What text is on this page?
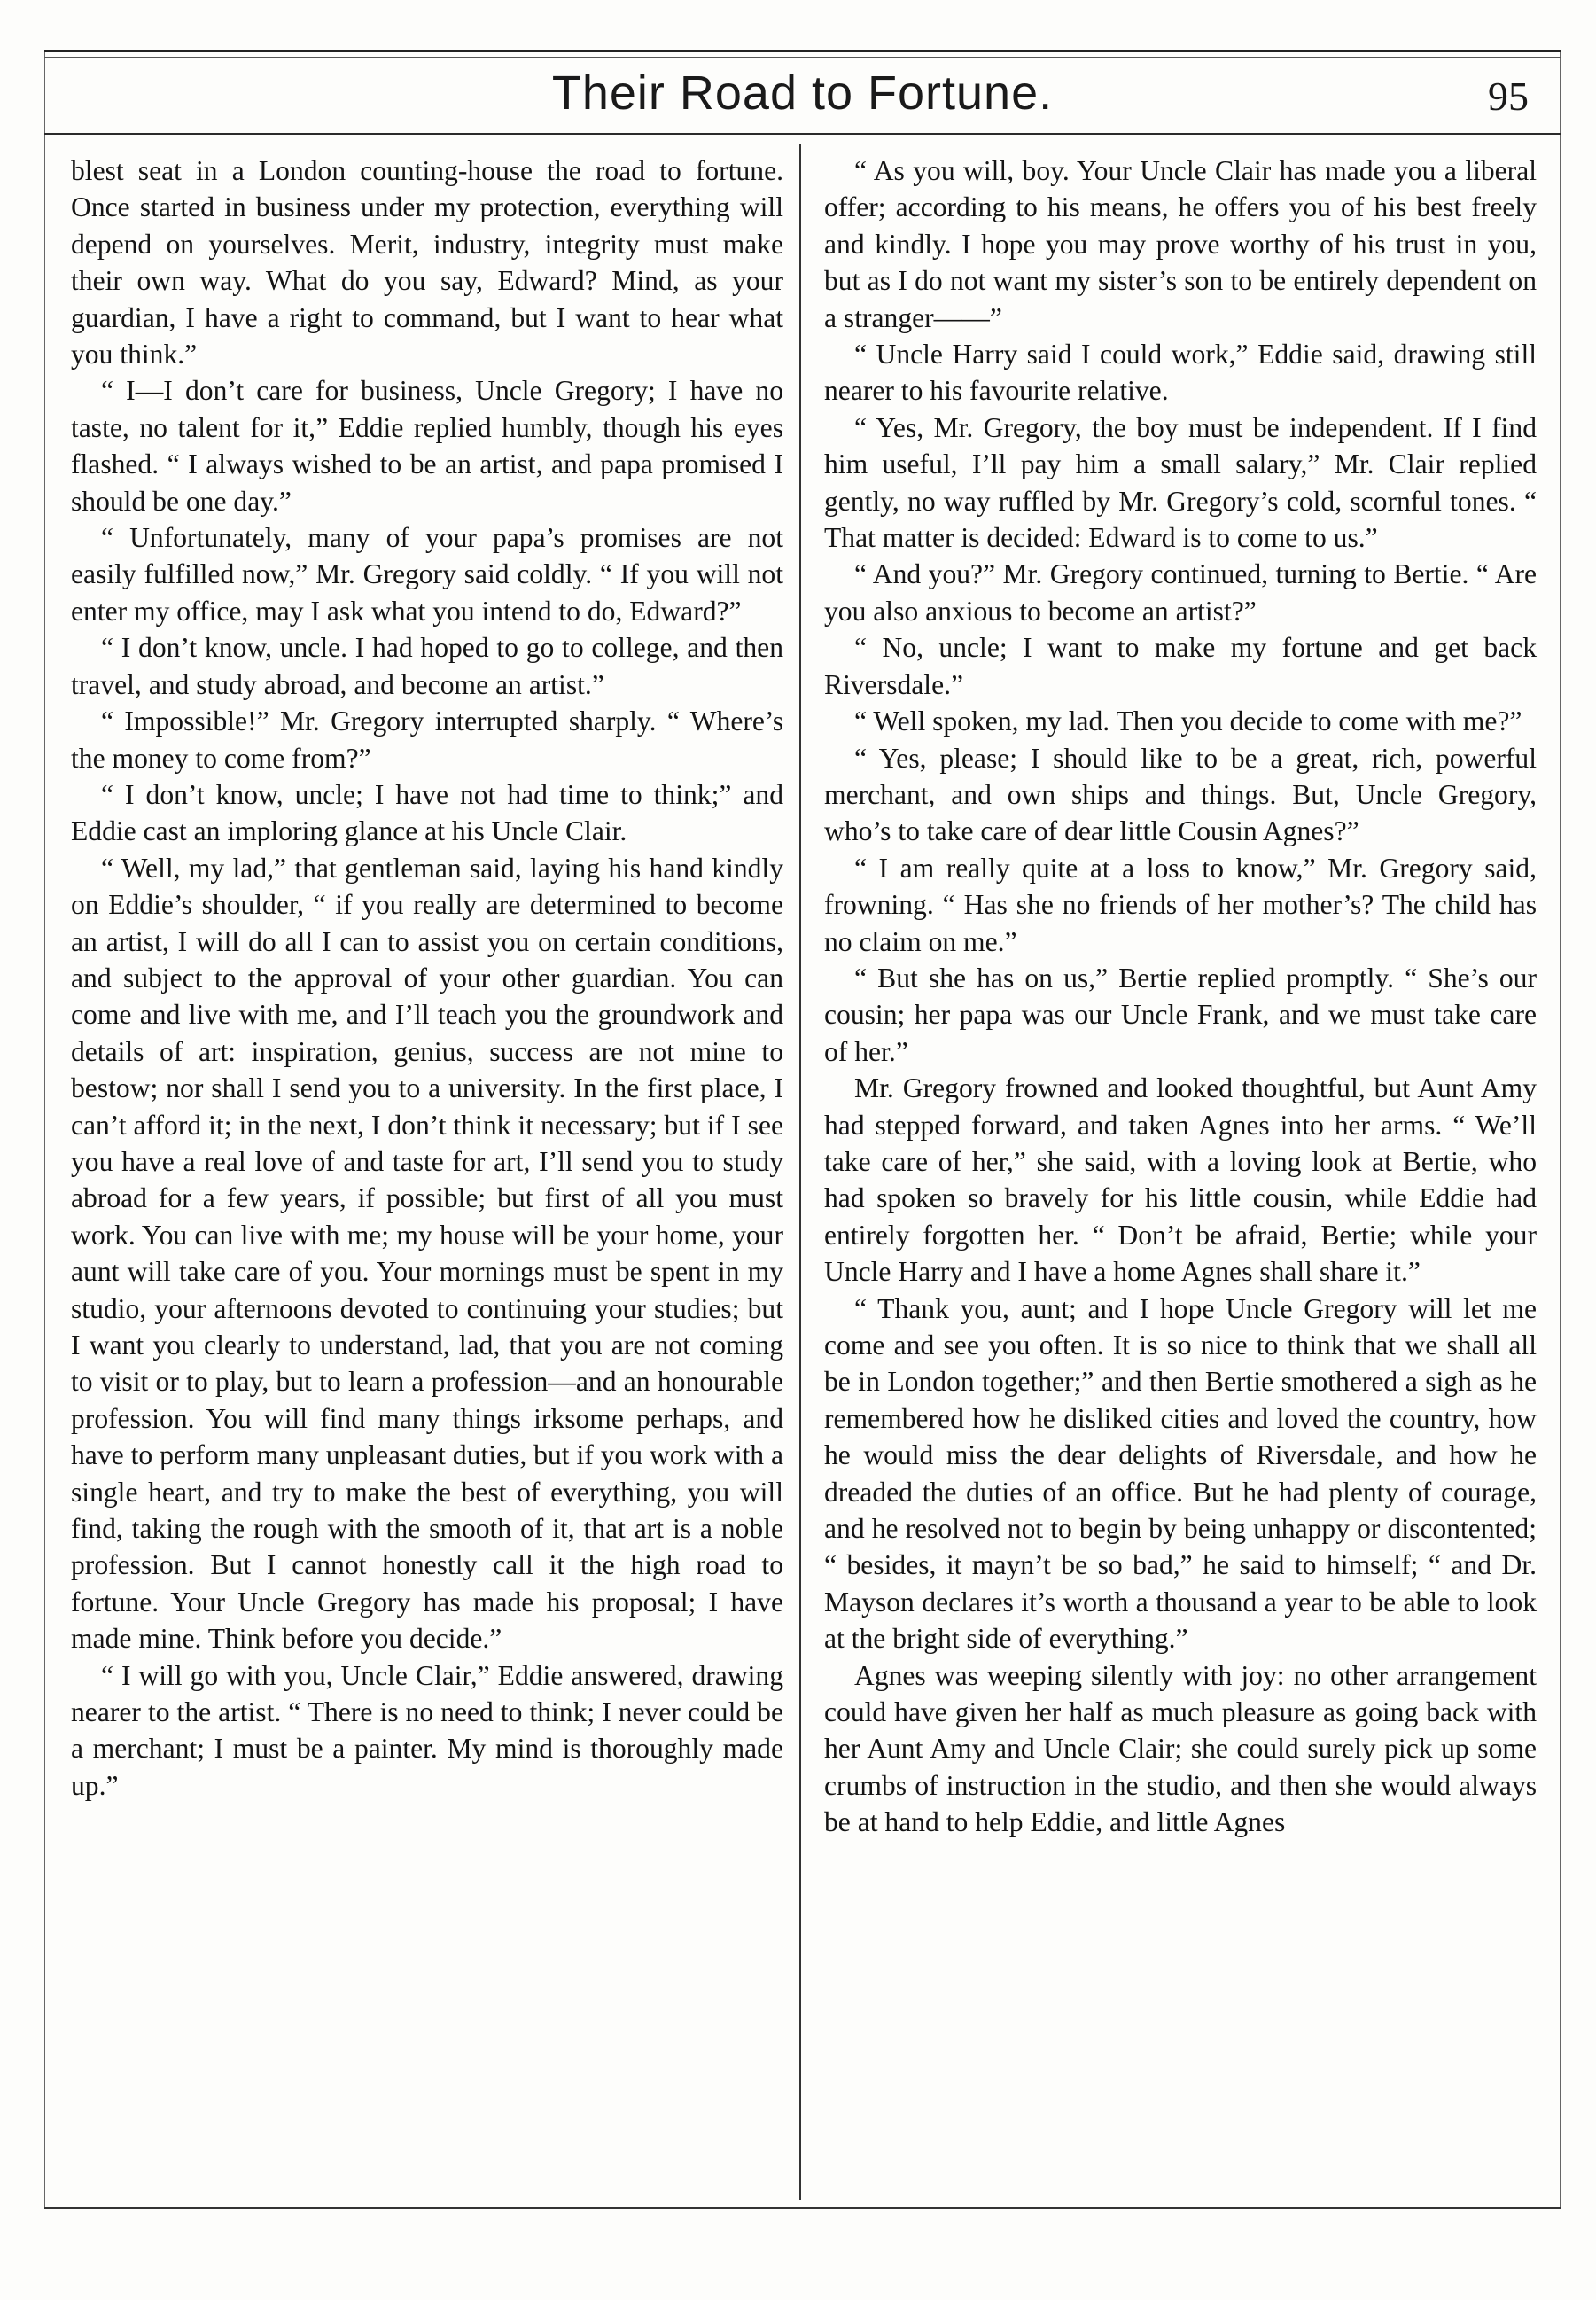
Their Road to Fortune.	95

blest seat in a London counting-house the road to fortune. Once started in business under my protection, everything will depend on yourselves. Merit, industry, integrity must make their own way. What do you say, Edward? Mind, as your guardian, I have a right to command, but I want to hear what you think.”

“ I—I don’t care for business, Uncle Gregory; I have no taste, no talent for it,” Eddie replied humbly, though his eyes flashed. “ I always wished to be an artist, and papa promised I should be one day.”

“ Unfortunately, many of your papa’s promises are not easily fulfilled now,” Mr. Gregory said coldly. “ If you will not enter my office, may I ask what you intend to do, Edward?”

“ I don’t know, uncle. I had hoped to go to college, and then travel, and study abroad, and become an artist.”

“ Impossible!” Mr. Gregory interrupted sharply. “ Where’s the money to come from?”

“ I don’t know, uncle; I have not had time to think;” and Eddie cast an imploring glance at his Uncle Clair.

“ Well, my lad,” that gentleman said, laying his hand kindly on Eddie’s shoulder, “ if you really are determined to become an artist, I will do all I can to assist you on certain conditions, and subject to the approval of your other guardian. You can come and live with me, and I’ll teach you the groundwork and details of art: inspiration, genius, success are not mine to bestow; nor shall I send you to a university. In the first place, I can’t afford it; in the next, I don’t think it necessary; but if I see you have a real love of and taste for art, I’ll send you to study abroad for a few years, if possible; but first of all you must work. You can live with me; my house will be your home, your aunt will take care of you. Your mornings must be spent in my studio, your afternoons devoted to continuing your studies; but I want you clearly to understand, lad, that you are not coming to visit or to play, but to learn a profession—and an honourable profession. You will find many things irksome perhaps, and have to perform many unpleasant duties, but if you work with a single heart, and try to make the best of everything, you will find, taking the rough with the smooth of it, that art is a noble profession. But I cannot honestly call it the high road to fortune. Your Uncle Gregory has made his proposal; I have made mine. Think before you decide.”

“ I will go with you, Uncle Clair,” Eddie answered, drawing nearer to the artist. “ There is no need to think; I never could be a merchant; I must be a painter. My mind is thoroughly made up.”

“ As you will, boy. Your Uncle Clair has made you a liberal offer; according to his means, he offers you of his best freely and kindly. I hope you may prove worthy of his trust in you, but as I do not want my sister’s son to be entirely dependent on a stranger——”

“ Uncle Harry said I could work,” Eddie said, drawing still nearer to his favourite relative.

“ Yes, Mr. Gregory, the boy must be independent. If I find him useful, I’ll pay him a small salary,” Mr. Clair replied gently, no way ruffled by Mr. Gregory’s cold, scornful tones. “ That matter is decided: Edward is to come to us.”

“ And you?” Mr. Gregory continued, turning to Bertie. “ Are you also anxious to become an artist?”

“ No, uncle; I want to make my fortune and get back Riversdale.”

“ Well spoken, my lad. Then you decide to come with me?”

“ Yes, please; I should like to be a great, rich, powerful merchant, and own ships and things. But, Uncle Gregory, who’s to take care of dear little Cousin Agnes?”

“ I am really quite at a loss to know,” Mr. Gregory said, frowning. “ Has she no friends of her mother’s? The child has no claim on me.”

“ But she has on us,” Bertie replied promptly. “ She’s our cousin; her papa was our Uncle Frank, and we must take care of her.”

Mr. Gregory frowned and looked thoughtful, but Aunt Amy had stepped forward, and taken Agnes into her arms. “ We’ll take care of her,” she said, with a loving look at Bertie, who had spoken so bravely for his little cousin, while Eddie had entirely forgotten her. “ Don’t be afraid, Bertie; while your Uncle Harry and I have a home Agnes shall share it.”

“ Thank you, aunt; and I hope Uncle Gregory will let me come and see you often. It is so nice to think that we shall all be in London together;” and then Bertie smothered a sigh as he remembered how he disliked cities and loved the country, how he would miss the dear delights of Riversdale, and how he dreaded the duties of an office. But he had plenty of courage, and he resolved not to begin by being unhappy or discontented; “ besides, it mayn’t be so bad,” he said to himself; “ and Dr. Mayson declares it’s worth a thousand a year to be able to look at the bright side of everything.”

Agnes was weeping silently with joy: no other arrangement could have given her half as much pleasure as going back with her Aunt Amy and Uncle Clair; she could surely pick up some crumbs of instruction in the studio, and then she would always be at hand to help Eddie, and little Agnes
